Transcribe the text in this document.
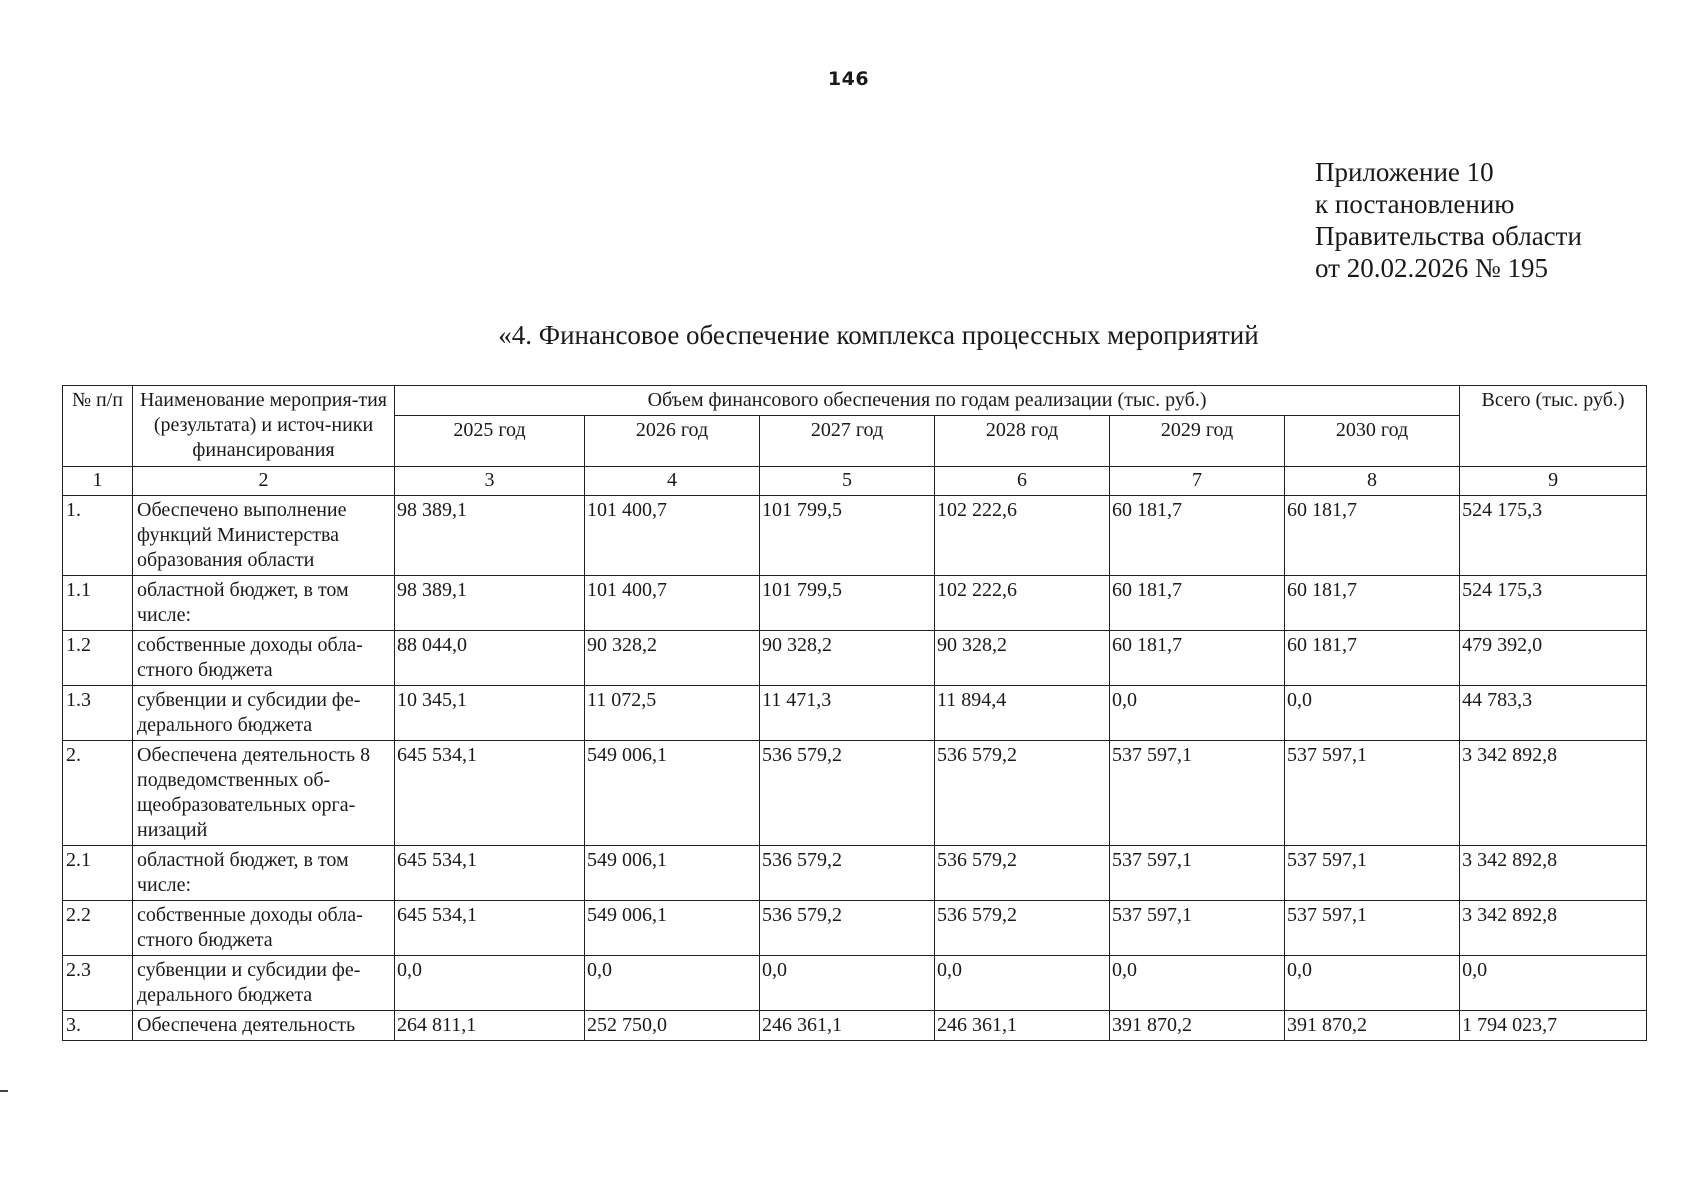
146
Приложение 10
к постановлению
Правительства области
от 20.02.2026 № 195
«4. Финансовое обеспечение комплекса процессных мероприятий
№ п/п	Наименование мероприя-тия (результата) и источ-ники финансирования	Объем финансового обеспечения по годам реализации (тыс. руб.)						Всего (тыс. руб.)
		2025 год	2026 год	2027 год	2028 год	2029 год	2030 год	
1	2	3	4	5	6	7	8	9
1.	Обеспечено выполнение функций Министерства образования области	98 389,1	101 400,7	101 799,5	102 222,6	60 181,7	60 181,7	524 175,3
1.1	областной бюджет, в том числе:	98 389,1	101 400,7	101 799,5	102 222,6	60 181,7	60 181,7	524 175,3
1.2	собственные доходы обла-стного бюджета	88 044,0	90 328,2	90 328,2	90 328,2	60 181,7	60 181,7	479 392,0
1.3	субвенции и субсидии фе-дерального бюджета	10 345,1	11 072,5	11 471,3	11 894,4	0,0	0,0	44 783,3
2.	Обеспечена деятельность 8 подведомственных об-щеобразовательных орга-низаций	645 534,1	549 006,1	536 579,2	536 579,2	537 597,1	537 597,1	3 342 892,8
2.1	областной бюджет, в том числе:	645 534,1	549 006,1	536 579,2	536 579,2	537 597,1	537 597,1	3 342 892,8
2.2	собственные доходы обла-стного бюджета	645 534,1	549 006,1	536 579,2	536 579,2	537 597,1	537 597,1	3 342 892,8
2.3	субвенции и субсидии фе-дерального бюджета	0,0	0,0	0,0	0,0	0,0	0,0	0,0
3.	Обеспечена деятельность	264 811,1	252 750,0	246 361,1	246 361,1	391 870,2	391 870,2	1 794 023,7
